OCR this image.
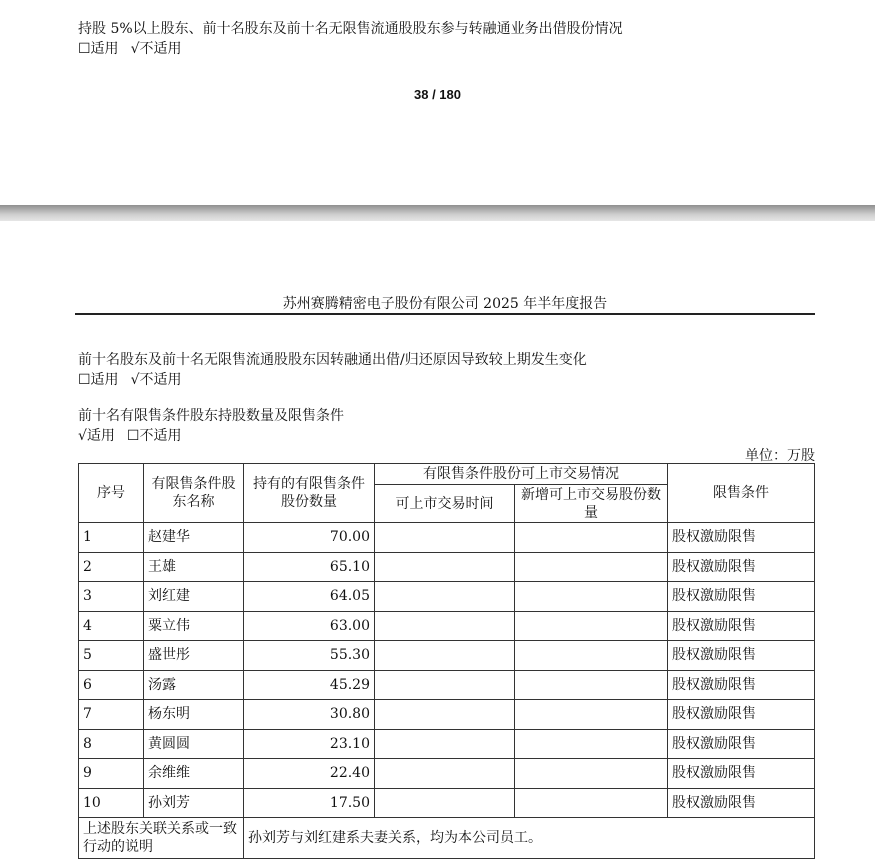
持股 5%以上股东、前十名股东及前十名无限售流通股股东参与转融通业务出借股份情况
☐适用 √不适用
38 / 180
苏州赛腾精密电子股份有限公司 2025 年半年度报告
前十名股东及前十名无限售流通股股东因转融通出借/归还原因导致较上期发生变化
☐适用 √不适用
前十名有限售条件股东持股数量及限售条件
√适用 ☐不适用
单位：万股
序号	有限售条件股东名称	持有的有限售条件股份数量	有限售条件股份可上市交易情况		限售条件
			可上市交易时间	新增可上市交易股份数量	
1	赵建华	70.00			股权激励限售
2	王雄	65.10			股权激励限售
3	刘红建	64.05			股权激励限售
4	粟立伟	63.00			股权激励限售
5	盛世彤	55.30			股权激励限售
6	汤露	45.29			股权激励限售
7	杨东明	30.80			股权激励限售
8	黄圆圆	23.10			股权激励限售
9	余维维	22.40			股权激励限售
10	孙刘芳	17.50			股权激励限售
上述股东关联关系或一致行动的说明		孙刘芳与刘红建系夫妻关系，均为本公司员工。			
